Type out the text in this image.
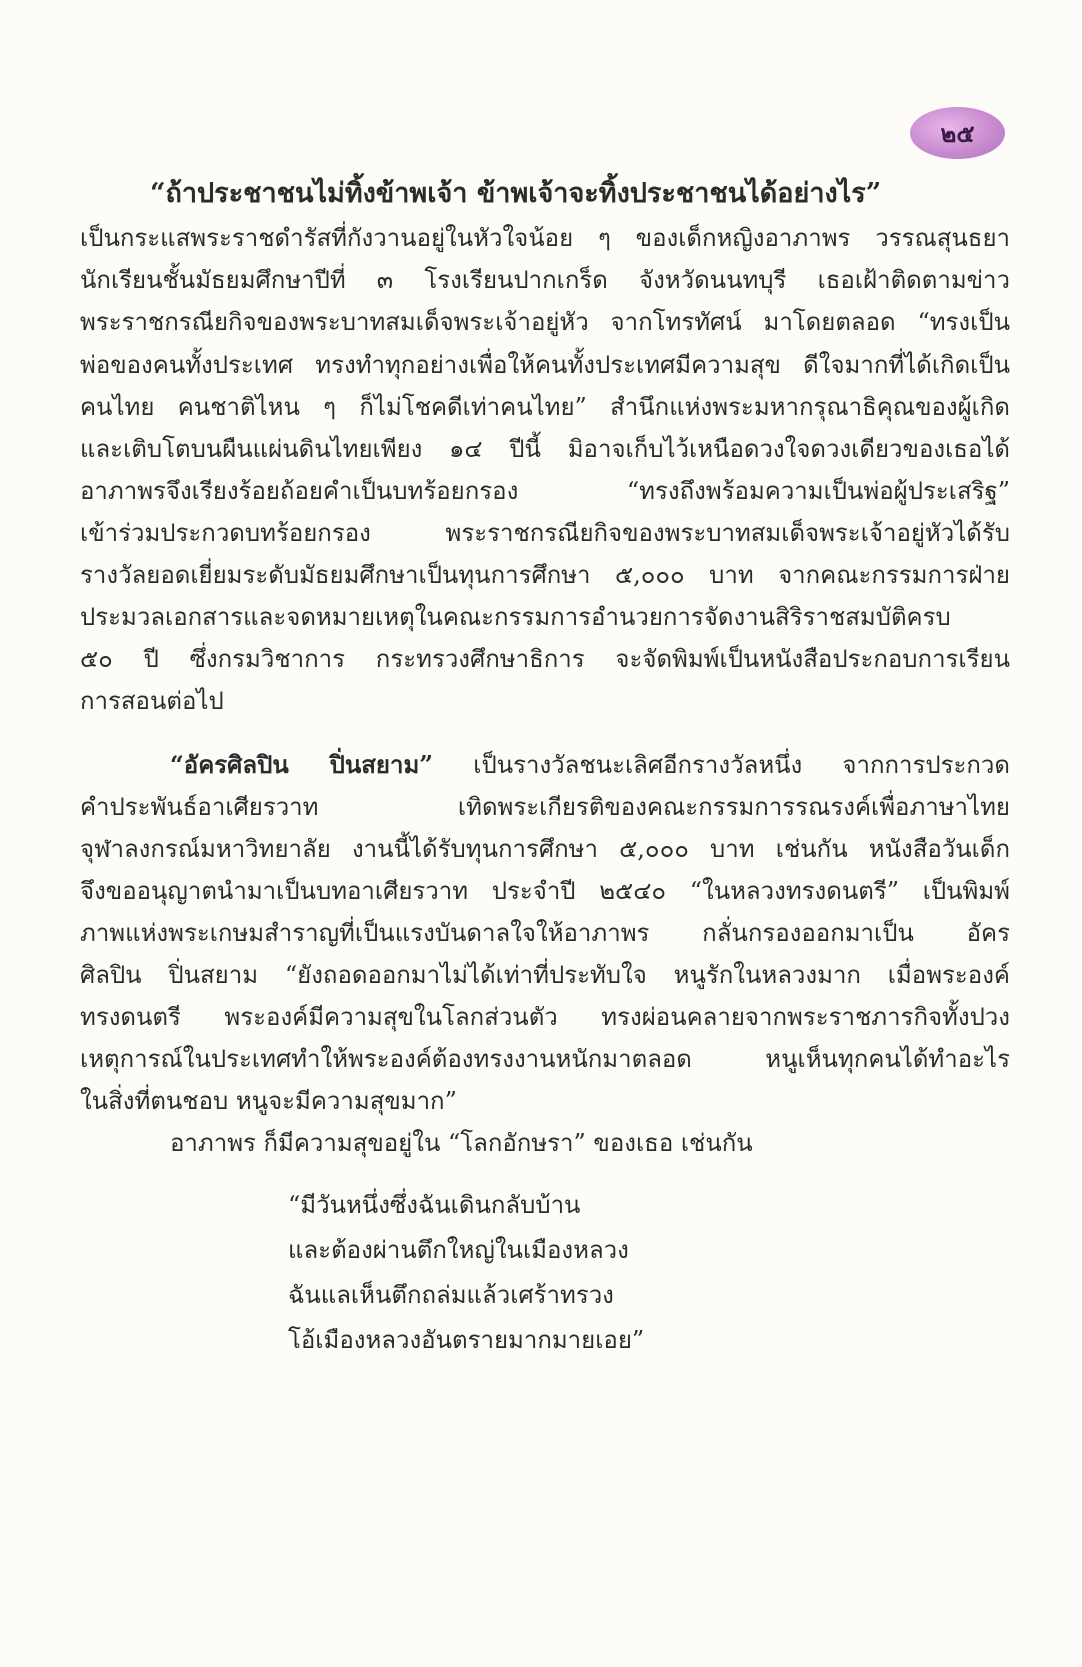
๒๕
“ถ้าประชาชนไม่ทิ้งข้าพเจ้า ข้าพเจ้าจะทิ้งประชาชนได้อย่างไร”
เป็นกระแสพระราชดำรัสที่กังวานอยู่ในหัวใจน้อย ๆ ของเด็กหญิงอาภาพร วรรณสุนธยา
นักเรียนชั้นมัธยมศึกษาปีที่ ๓ โรงเรียนปากเกร็ด จังหวัดนนทบุรี เธอเฝ้าติดตามข่าว
พระราชกรณียกิจของพระบาทสมเด็จพระเจ้าอยู่หัว จากโทรทัศน์ มาโดยตลอด “ทรงเป็น
พ่อของคนทั้งประเทศ ทรงทำทุกอย่างเพื่อให้คนทั้งประเทศมีความสุข ดีใจมากที่ได้เกิดเป็น
คนไทย คนชาติไหน ๆ ก็ไม่โชคดีเท่าคนไทย” สำนึกแห่งพระมหากรุณาธิคุณของผู้เกิด
และเติบโตบนผืนแผ่นดินไทยเพียง ๑๔ ปีนี้ มิอาจเก็บไว้เหนือดวงใจดวงเดียวของเธอได้
อาภาพรจึงเรียงร้อยถ้อยคำเป็นบทร้อยกรอง “ทรงถึงพร้อมความเป็นพ่อผู้ประเสริฐ”
เข้าร่วมประกวดบทร้อยกรอง พระราชกรณียกิจของพระบาทสมเด็จพระเจ้าอยู่หัวได้รับ
รางวัลยอดเยี่ยมระดับมัธยมศึกษาเป็นทุนการศึกษา ๕,๐๐๐ บาท จากคณะกรรมการฝ่าย
ประมวลเอกสารและจดหมายเหตุในคณะกรรมการอำนวยการจัดงานสิริราชสมบัติครบ
๕๐ ปี ซึ่งกรมวิชาการ กระทรวงศึกษาธิการ จะจัดพิมพ์เป็นหนังสือประกอบการเรียน
การสอนต่อไป
“อัครศิลปิน ปิ่นสยาม” เป็นรางวัลชนะเลิศอีกรางวัลหนึ่ง จากการประกวด
คำประพันธ์อาเศียรวาท เทิดพระเกียรติของคณะกรรมการรณรงค์เพื่อภาษาไทย
จุฬาลงกรณ์มหาวิทยาลัย งานนี้ได้รับทุนการศึกษา ๕,๐๐๐ บาท เช่นกัน หนังสือวันเด็ก
จึงขออนุญาตนำมาเป็นบทอาเศียรวาท ประจำปี ๒๕๔๐ “ในหลวงทรงดนตรี” เป็นพิมพ์
ภาพแห่งพระเกษมสำราญที่เป็นแรงบันดาลใจให้อาภาพร กลั่นกรองออกมาเป็น อัคร
ศิลปิน ปิ่นสยาม “ยังถอดออกมาไม่ได้เท่าที่ประทับใจ หนูรักในหลวงมาก เมื่อพระองค์
ทรงดนตรี พระองค์มีความสุขในโลกส่วนตัว ทรงผ่อนคลายจากพระราชภารกิจทั้งปวง
เหตุการณ์ในประเทศทำให้พระองค์ต้องทรงงานหนักมาตลอด หนูเห็นทุกคนได้ทำอะไร
ในสิ่งที่ตนชอบ หนูจะมีความสุขมาก”
อาภาพร ก็มีความสุขอยู่ใน “โลกอักษรา” ของเธอ เช่นกัน
“มีวันหนึ่งซึ่งฉันเดินกลับบ้าน
และต้องผ่านตึกใหญ่ในเมืองหลวง
ฉันแลเห็นตึกถล่มแล้วเศร้าทรวง
โอ้เมืองหลวงอันตรายมากมายเอย”
